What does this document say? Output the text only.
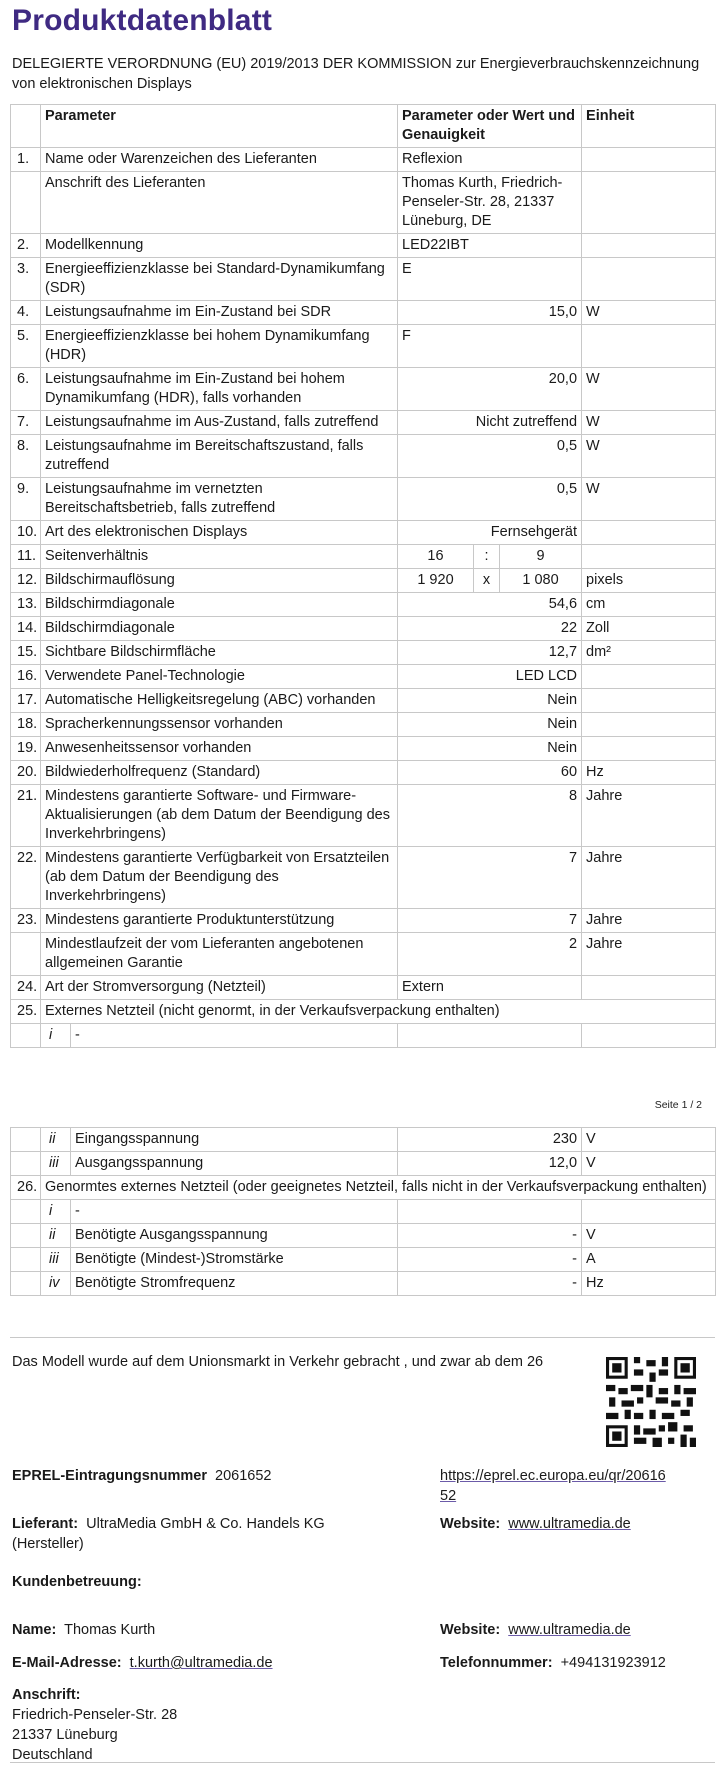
Produktdatenblatt
DELEGIERTE VERORDNUNG (EU) 2019/2013 DER KOMMISSION zur Energieverbrauchskennzeichnung von elektronischen Displays
	Parameter		Parameter oder Wert und Genauigkeit			Einheit
1.	Name oder Warenzeichen des Lieferanten		Reflexion			
	Anschrift des Lieferanten		Thomas Kurth, Friedrich-Penseler-Str. 28, 21337 Lüneburg, DE			
2.	Modellkennung		LED22IBT			
3.	Energieeffizienzklasse bei Standard-Dynamikumfang (SDR)		E			
4.	Leistungsaufnahme im Ein-Zustand bei SDR		15,0			W
5.	Energieeffizienzklasse bei hohem Dynamikumfang (HDR)		F			
6.	Leistungsaufnahme im Ein-Zustand bei hohem Dynamikumfang (HDR), falls vorhanden		20,0			W
7.	Leistungsaufnahme im Aus-Zustand, falls zutreffend		Nicht zutreffend			W
8.	Leistungsaufnahme im Bereitschaftszustand, falls zutreffend		0,5			W
9.	Leistungsaufnahme im vernetzten Bereitschaftsbetrieb, falls zutreffend		0,5			W
10.	Art des elektronischen Displays		Fernsehgerät			
11.	Seitenverhältnis		16	:	9	
12.	Bildschirmauflösung		1 920	x	1 080	pixels
13.	Bildschirmdiagonale		54,6			cm
14.	Bildschirmdiagonale		22			Zoll
15.	Sichtbare Bildschirmfläche		12,7			dm²
16.	Verwendete Panel-Technologie		LED LCD			
17.	Automatische Helligkeitsregelung (ABC) vorhanden		Nein			
18.	Spracherkennungssensor vorhanden		Nein			
19.	Anwesenheitssensor vorhanden		Nein			
20.	Bildwiederholfrequenz (Standard)		60			Hz
21.	Mindestens garantierte Software- und Firmware-Aktualisierungen (ab dem Datum der Beendigung des Inverkehrbringens)		8			Jahre
22.	Mindestens garantierte Verfügbarkeit von Ersatzteilen (ab dem Datum der Beendigung des Inverkehrbringens)		7			Jahre
23.	Mindestens garantierte Produktunterstützung		7			Jahre
	Mindestlaufzeit der vom Lieferanten angebotenen allgemeinen Garantie		2			Jahre
24.	Art der Stromversorgung (Netzteil)		Extern			
25.	Externes Netzteil (nicht genormt, in der Verkaufsverpackung enthalten)					
	i	-				
Seite 1 / 2
	ii	Eingangsspannung	230	V
	iii	Ausgangsspannung	12,0	V
26.	Genormtes externes Netzteil (oder geeignetes Netzteil, falls nicht in der Verkaufsverpackung enthalten)			
	i	-		
	ii	Benötigte Ausgangsspannung	-	V
	iii	Benötigte (Mindest-)Stromstärke	-	A
	iv	Benötigte Stromfrequenz	-	Hz
Das Modell wurde auf dem Unionsmarkt in Verkehr gebracht , und zwar ab dem 26
EPREL-Eintragungsnummer 2061652	https://eprel.ec.europa.eu/qr/2061652
Lieferant: UltraMedia GmbH & Co. Handels KG (Hersteller)
Website: www.ultramedia.de
Kundenbetreuung:
Name: Thomas Kurth	Website: www.ultramedia.de
E-Mail-Adresse: t.kurth@ultramedia.de	Telefonnummer: +494131923912
Anschrift:
Friedrich-Penseler-Str. 28
21337 Lüneburg
Deutschland
